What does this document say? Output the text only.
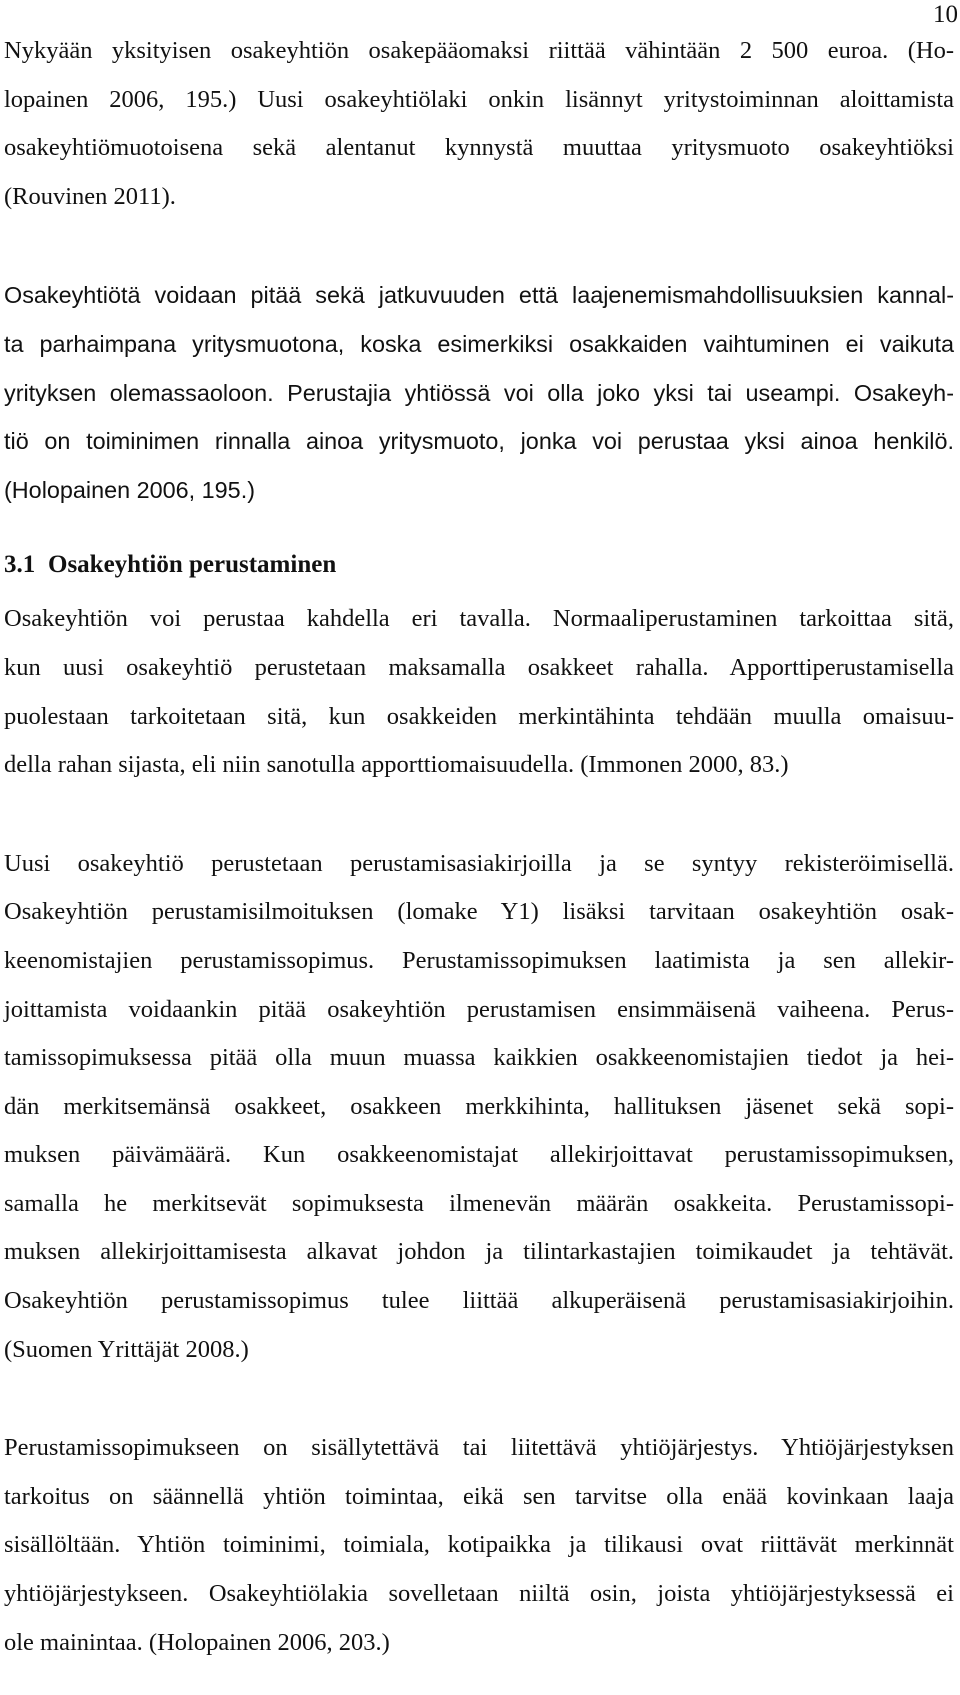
10
Nykyään yksityisen osakeyhtiön osakepääomaksi riittää vähintään 2 500 euroa. (Ho-
lopainen 2006, 195.) Uusi osakeyhtiölaki onkin lisännyt yritystoiminnan aloittamista
osakeyhtiömuotoisena sekä alentanut kynnystä muuttaa yritysmuoto osakeyhtiöksi
(Rouvinen 2011).
Osakeyhtiötä voidaan pitää sekä jatkuvuuden että laajenemismahdollisuuksien kannal-
ta parhaimpana yritysmuotona, koska esimerkiksi osakkaiden vaihtuminen ei vaikuta
yrityksen olemassaoloon. Perustajia yhtiössä voi olla joko yksi tai useampi. Osakeyh-
tiö on toiminimen rinnalla ainoa yritysmuoto, jonka voi perustaa yksi ainoa henkilö.
(Holopainen 2006, 195.)
3.1 Osakeyhtiön perustaminen
Osakeyhtiön voi perustaa kahdella eri tavalla. Normaaliperustaminen tarkoittaa sitä,
kun uusi osakeyhtiö perustetaan maksamalla osakkeet rahalla. Apporttiperustamisella
puolestaan tarkoitetaan sitä, kun osakkeiden merkintähinta tehdään muulla omaisuu-
della rahan sijasta, eli niin sanotulla apporttiomaisuudella. (Immonen 2000, 83.)
Uusi osakeyhtiö perustetaan perustamisasiakirjoilla ja se syntyy rekisteröimisellä.
Osakeyhtiön perustamisilmoituksen (lomake Y1) lisäksi tarvitaan osakeyhtiön osak-
keenomistajien perustamissopimus. Perustamissopimuksen laatimista ja sen allekir-
joittamista voidaankin pitää osakeyhtiön perustamisen ensimmäisenä vaiheena. Perus-
tamissopimuksessa pitää olla muun muassa kaikkien osakkeenomistajien tiedot ja hei-
dän merkitsemänsä osakkeet, osakkeen merkkihinta, hallituksen jäsenet sekä sopi-
muksen päivämäärä. Kun osakkeenomistajat allekirjoittavat perustamissopimuksen,
samalla he merkitsevät sopimuksesta ilmenevän määrän osakkeita. Perustamissopi-
muksen allekirjoittamisesta alkavat johdon ja tilintarkastajien toimikaudet ja tehtävät.
Osakeyhtiön perustamissopimus tulee liittää alkuperäisenä perustamisasiakirjoihin.
(Suomen Yrittäjät 2008.)
Perustamissopimukseen on sisällytettävä tai liitettävä yhtiöjärjestys. Yhtiöjärjestyksen
tarkoitus on säännellä yhtiön toimintaa, eikä sen tarvitse olla enää kovinkaan laaja
sisällöltään. Yhtiön toiminimi, toimiala, kotipaikka ja tilikausi ovat riittävät merkinnät
yhtiöjärjestykseen. Osakeyhtiölakia sovelletaan niiltä osin, joista yhtiöjärjestyksessä ei
ole mainintaa. (Holopainen 2006, 203.)
